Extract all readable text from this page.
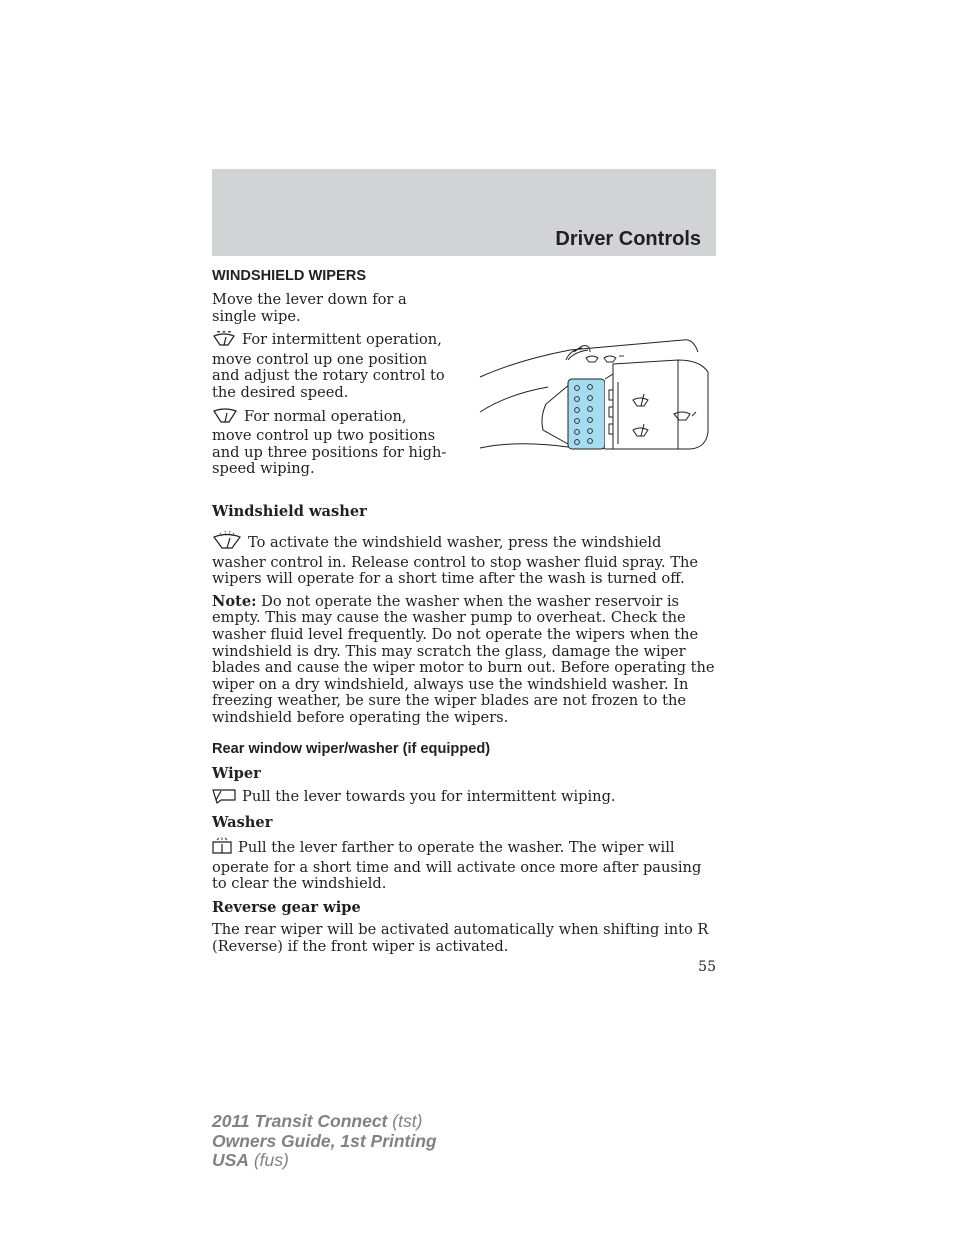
Driver Controls
WINDSHIELD WIPERS

Move the lever down for a single wipe.

For intermittent operation, move control up one position and adjust the rotary control to the desired speed.

For normal operation, move control up two positions and up three positions for high-speed wiping.

Windshield washer

To activate the windshield washer, press the windshield washer control in. Release control to stop washer fluid spray. The wipers will operate for a short time after the wash is turned off.

Note: Do not operate the washer when the washer reservoir is empty. This may cause the washer pump to overheat. Check the washer fluid level frequently. Do not operate the wipers when the windshield is dry. This may scratch the glass, damage the wiper blades and cause the wiper motor to burn out. Before operating the wiper on a dry windshield, always use the windshield washer. In freezing weather, be sure the wiper blades are not frozen to the windshield before operating the wipers.

Rear window wiper/washer (if equipped)
Wiper

Pull the lever towards you for intermittent wiping.

Washer

Pull the lever farther to operate the washer. The wiper will operate for a short time and will activate once more after pausing to clear the windshield.

Reverse gear wipe

The rear wiper will be activated automatically when shifting into R (Reverse) if the front wiper is activated.

55
2011 Transit Connect (tst)
Owners Guide, 1st Printing
USA (fus)
